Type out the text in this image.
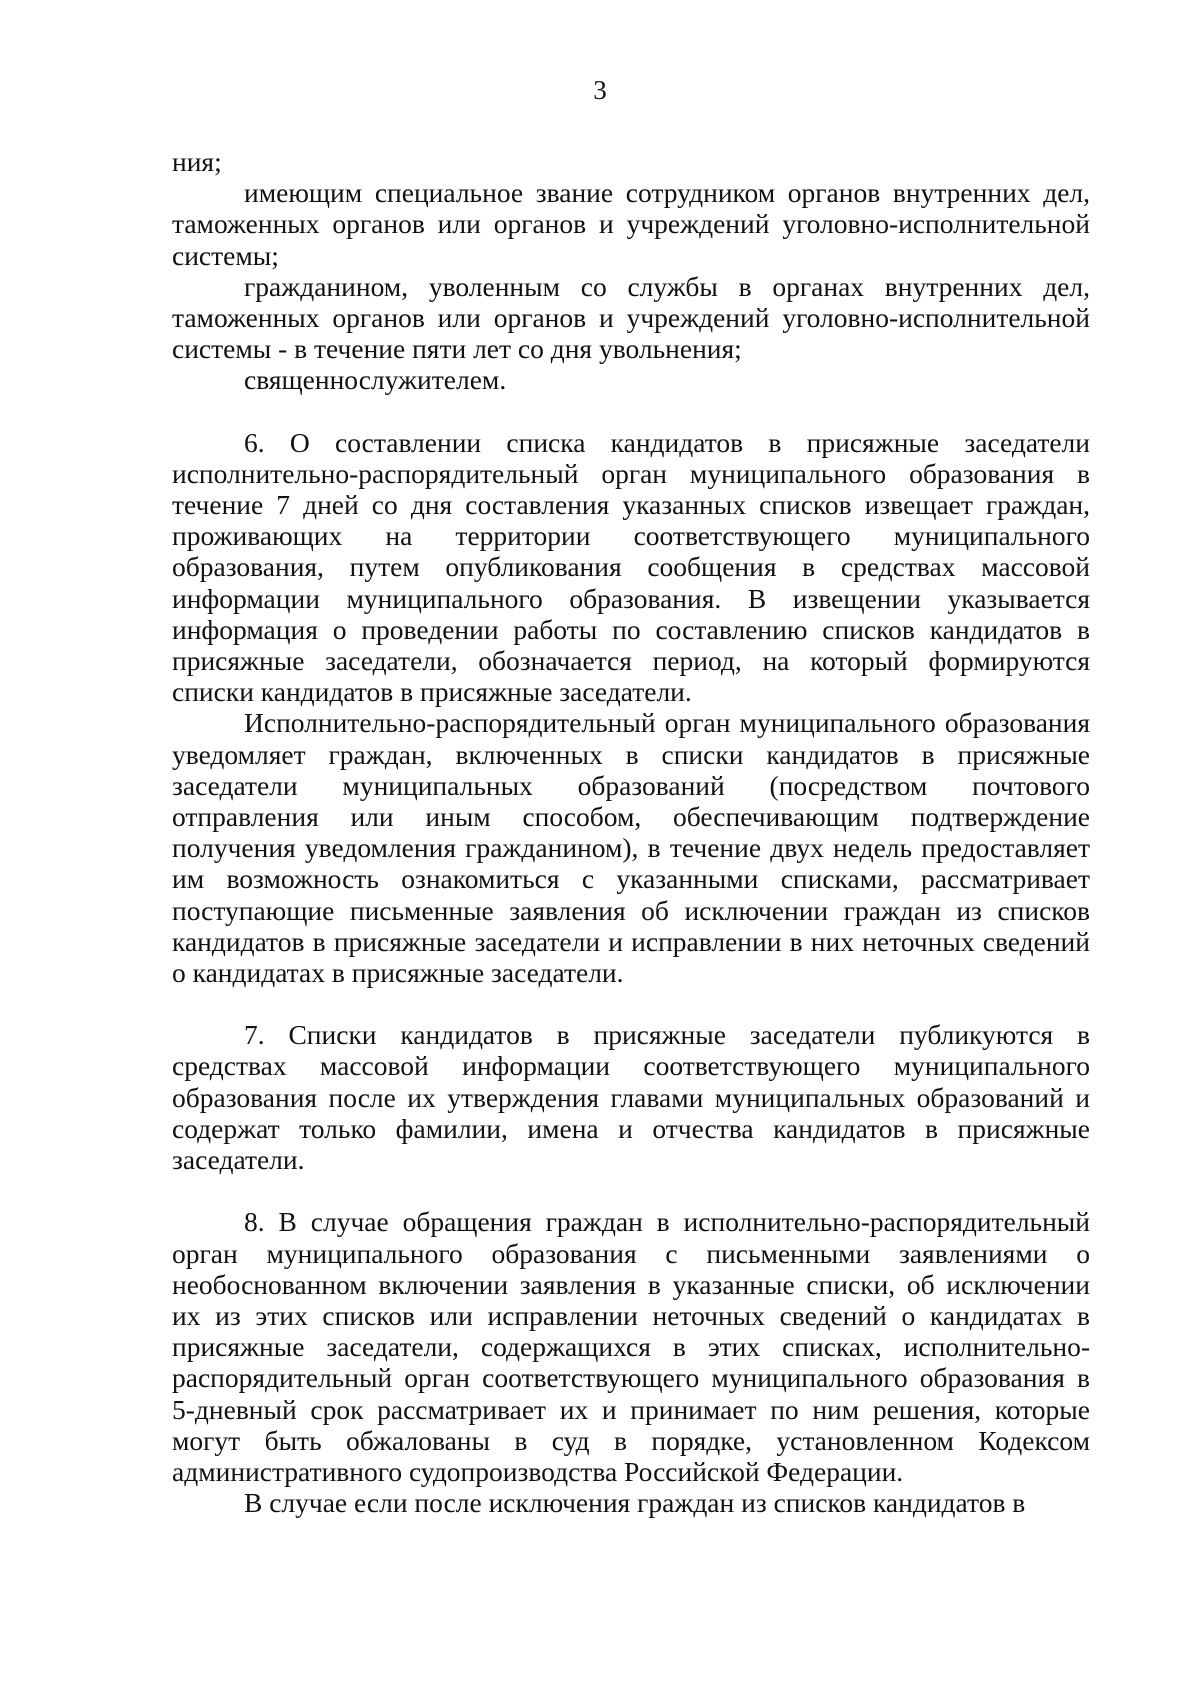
3

ния;

имеющим специальное звание сотрудником органов внутренних дел, таможенных органов или органов и учреждений уголовно-исполнительной системы;

гражданином, уволенным со службы в органах внутренних дел, таможенных органов или органов и учреждений уголовно-исполнительной системы - в течение пяти лет со дня увольнения;

священнослужителем.

6. О составлении списка кандидатов в присяжные заседатели исполнительно-распорядительный орган муниципального образования в течение 7 дней со дня составления указанных списков извещает граждан, проживающих на территории соответствующего муниципального образования, путем опубликования сообщения в средствах массовой информации муниципального образования. В извещении указывается информация о проведении работы по составлению списков кандидатов в присяжные заседатели, обозначается период, на который формируются списки кандидатов в присяжные заседатели.

Исполнительно-распорядительный орган муниципального образования уведомляет граждан, включенных в списки кандидатов в присяжные заседатели муниципальных образований (посредством почтового отправления или иным способом, обеспечивающим подтверждение получения уведомления гражданином), в течение двух недель предоставляет им возможность ознакомиться с указанными списками, рассматривает поступающие письменные заявления об исключении граждан из списков кандидатов в присяжные заседатели и исправлении в них неточных сведений о кандидатах в присяжные заседатели.

7. Списки кандидатов в присяжные заседатели публикуются в средствах массовой информации соответствующего муниципального образования после их утверждения главами муниципальных образований и содержат только фамилии, имена и отчества кандидатов в присяжные заседатели.

8. В случае обращения граждан в исполнительно-распорядительный орган муниципального образования с письменными заявлениями о необоснованном включении заявления в указанные списки, об исключении их из этих списков или исправлении неточных сведений о кандидатах в присяжные заседатели, содержащихся в этих списках, исполнительно-распорядительный орган соответствующего муниципального образования в 5-дневный срок рассматривает их и принимает по ним решения, которые могут быть обжалованы в суд в порядке, установленном Кодексом административного судопроизводства Российской Федерации.

В случае если после исключения граждан из списков кандидатов в
